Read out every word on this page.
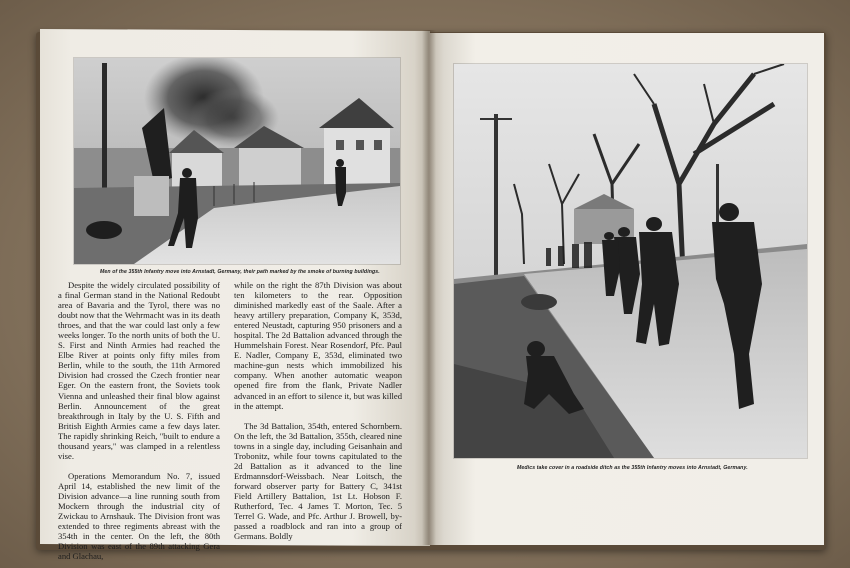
Men of the 355th Infantry move into Arnstadt, Germany, their path marked by the smoke of burning buildings.

Despite the widely circulated possibility of a final German stand in the National Redoubt area of Bavaria and the Tyrol, there was no doubt now that the Wehrmacht was in its death throes, and that the war could last only a few weeks longer. To the north units of both the U. S. First and Ninth Armies had reached the Elbe River at points only fifty miles from Berlin, while to the south, the 11th Armored Division had crossed the Czech frontier near Eger. On the eastern front, the Soviets took Vienna and unleashed their final blow against Berlin. Announcement of the great breakthrough in Italy by the U. S. Fifth and British Eighth Armies came a few days later. The rapidly shrinking Reich, "built to endure a thousand years," was clamped in a relentless vise.

Operations Memorandum No. 7, issued April 14, established the new limit of the Division advance—a line running south from Mockern through the industrial city of Zwickau to Arnshauk. The Division front was extended to three regiments abreast with the 354th in the center. On the left, the 80th Division was east of the 89th attacking Gera and Glachau,

while on the right the 87th Division was about ten kilometers to the rear. Opposition diminished markedly east of the Saale. After a heavy artillery preparation, Company K, 353d, entered Neustadt, capturing 950 prisoners and a hospital. The 2d Battalion advanced through the Hummelshain Forest. Near Rosendorf, Pfc. Paul E. Nadler, Company E, 353d, eliminated two machine-gun nests which immobilized his company. When another automatic weapon opened fire from the flank, Private Nadler advanced in an effort to silence it, but was killed in the attempt.

The 3d Battalion, 354th, entered Schornbern. On the left, the 3d Battalion, 355th, cleared nine towns in a single day, including Geisanhain and Trobonitz, while four towns capitulated to the 2d Battalion as it advanced to the line Erdmannsdorf-Weissbach. Near Loitsch, the forward observer party for Battery C, 341st Field Artillery Battalion, 1st Lt. Hobson F. Rutherford, Tec. 4 James T. Morton, Tec. 5 Terrel G. Wade, and Pfc. Arthur J. Browell, by-passed a roadblock and ran into a group of Germans. Boldly

Medics take cover in a roadside ditch as the 355th Infantry moves into Arnstadt, Germany.
